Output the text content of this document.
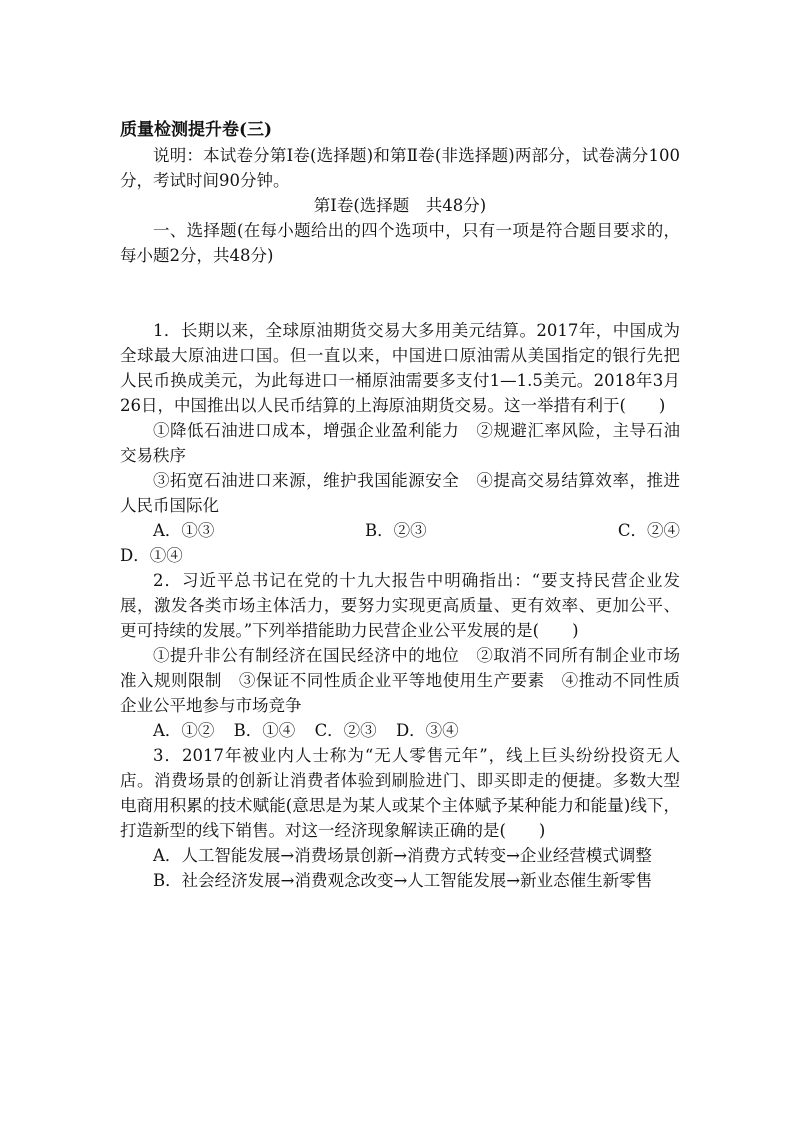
质量检测提升卷(三)

说明：本试卷分第Ⅰ卷(选择题)和第Ⅱ卷(非选择题)两部分，试卷满分100分，考试时间90分钟。

第Ⅰ卷(选择题　共48分)

一、选择题(在每小题给出的四个选项中，只有一项是符合题目要求的，每小题2分，共48分)

1．长期以来，全球原油期货交易大多用美元结算。2017年，中国成为全球最大原油进口国。但一直以来，中国进口原油需从美国指定的银行先把人民币换成美元，为此每进口一桶原油需要多支付1—1.5美元。2018年3月26日，中国推出以人民币结算的上海原油期货交易。这一举措有利于(　　)

①降低石油进口成本，增强企业盈利能力　②规避汇率风险，主导石油交易秩序

③拓宽石油进口来源，维护我国能源安全　④提高交易结算效率，推进人民币国际化

A．①③	B．②③	C．②④

D．①④

2．习近平总书记在党的十九大报告中明确指出：“要支持民营企业发展，激发各类市场主体活力，要努力实现更高质量、更有效率、更加公平、更可持续的发展。”下列举措能助力民营企业公平发展的是(　　)

①提升非公有制经济在国民经济中的地位　②取消不同所有制企业市场准入规则限制　③保证不同性质企业平等地使用生产要素　④推动不同性质企业公平地参与市场竞争

A．①② B．①④ C．②③ D．③④

3．2017年被业内人士称为“无人零售元年”，线上巨头纷纷投资无人店。消费场景的创新让消费者体验到刷脸进门、即买即走的便捷。多数大型电商用积累的技术赋能(意思是为某人或某个主体赋予某种能力和能量)线下，打造新型的线下销售。对这一经济现象解读正确的是(　　)

A．人工智能发展→消费场景创新→消费方式转变→企业经营模式调整

B．社会经济发展→消费观念改变→人工智能发展→新业态催生新零售
